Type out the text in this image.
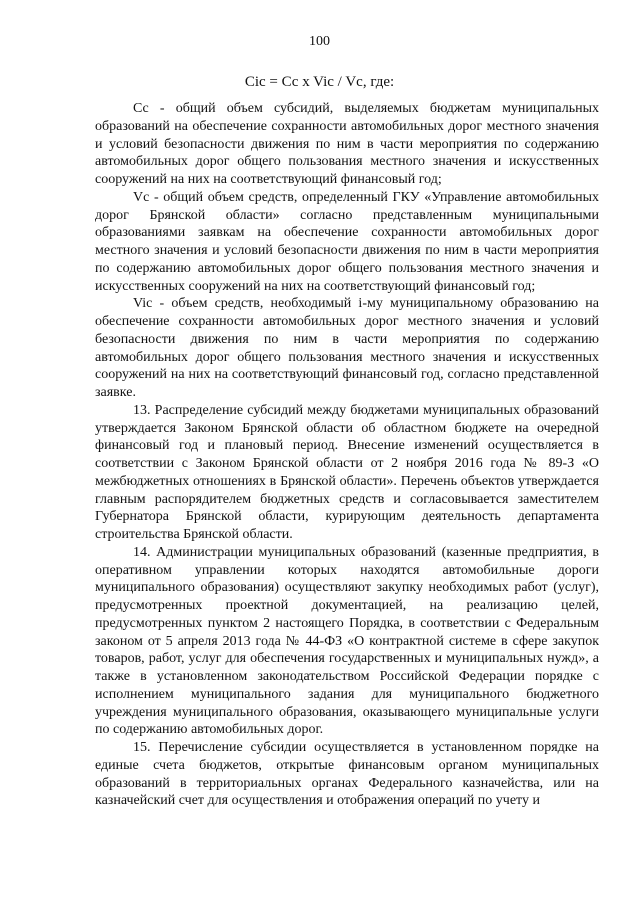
100
Ciс = Сс x Vic / Vc, где:

Сс - общий объем субсидий, выделяемых бюджетам муниципальных образований на обеспечение сохранности автомобильных дорог местного значения и условий безопасности движения по ним в части мероприятия по содержанию автомобильных дорог общего пользования местного значения и искусственных сооружений на них на соответствующий финансовый год;

Vc - общий объем средств, определенный ГКУ «Управление автомобильных дорог Брянской области» согласно представленным муниципальными образованиями заявкам на обеспечение сохранности автомобильных дорог местного значения и условий безопасности движения по ним в части мероприятия по содержанию автомобильных дорог общего пользования местного значения и искусственных сооружений на них на соответствующий финансовый год;

Vic - объем средств, необходимый i-му муниципальному образованию на обеспечение сохранности автомобильных дорог местного значения и условий безопасности движения по ним в части мероприятия по содержанию автомобильных дорог общего пользования местного значения и искусственных сооружений на них на соответствующий финансовый год, согласно представленной заявке.

13. Распределение субсидий между бюджетами муниципальных образований утверждается Законом Брянской области об областном бюджете на очередной финансовый год и плановый период. Внесение изменений осуществляется в соответствии с Законом Брянской области от 2 ноября 2016 года № 89-З «О межбюджетных отношениях в Брянской области». Перечень объектов утверждается главным распорядителем бюджетных средств и согласовывается заместителем Губернатора Брянской области, курирующим деятельность департамента строительства Брянской области.

14. Администрации муниципальных образований (казенные предприятия, в оперативном управлении которых находятся автомобильные дороги муниципального образования) осуществляют закупку необходимых работ (услуг), предусмотренных проектной документацией, на реализацию целей, предусмотренных пунктом 2 настоящего Порядка, в соответствии с Федеральным законом от 5 апреля 2013 года № 44-ФЗ «О контрактной системе в сфере закупок товаров, работ, услуг для обеспечения государственных и муниципальных нужд», а также в установленном законодательством Российской Федерации порядке с исполнением муниципального задания для муниципального бюджетного учреждения муниципального образования, оказывающего муниципальные услуги по содержанию автомобильных дорог.

15. Перечисление субсидии осуществляется в установленном порядке на единые счета бюджетов, открытые финансовым органом муниципальных образований в территориальных органах Федерального казначейства, или на казначейский счет для осуществления и отображения операций по учету и
